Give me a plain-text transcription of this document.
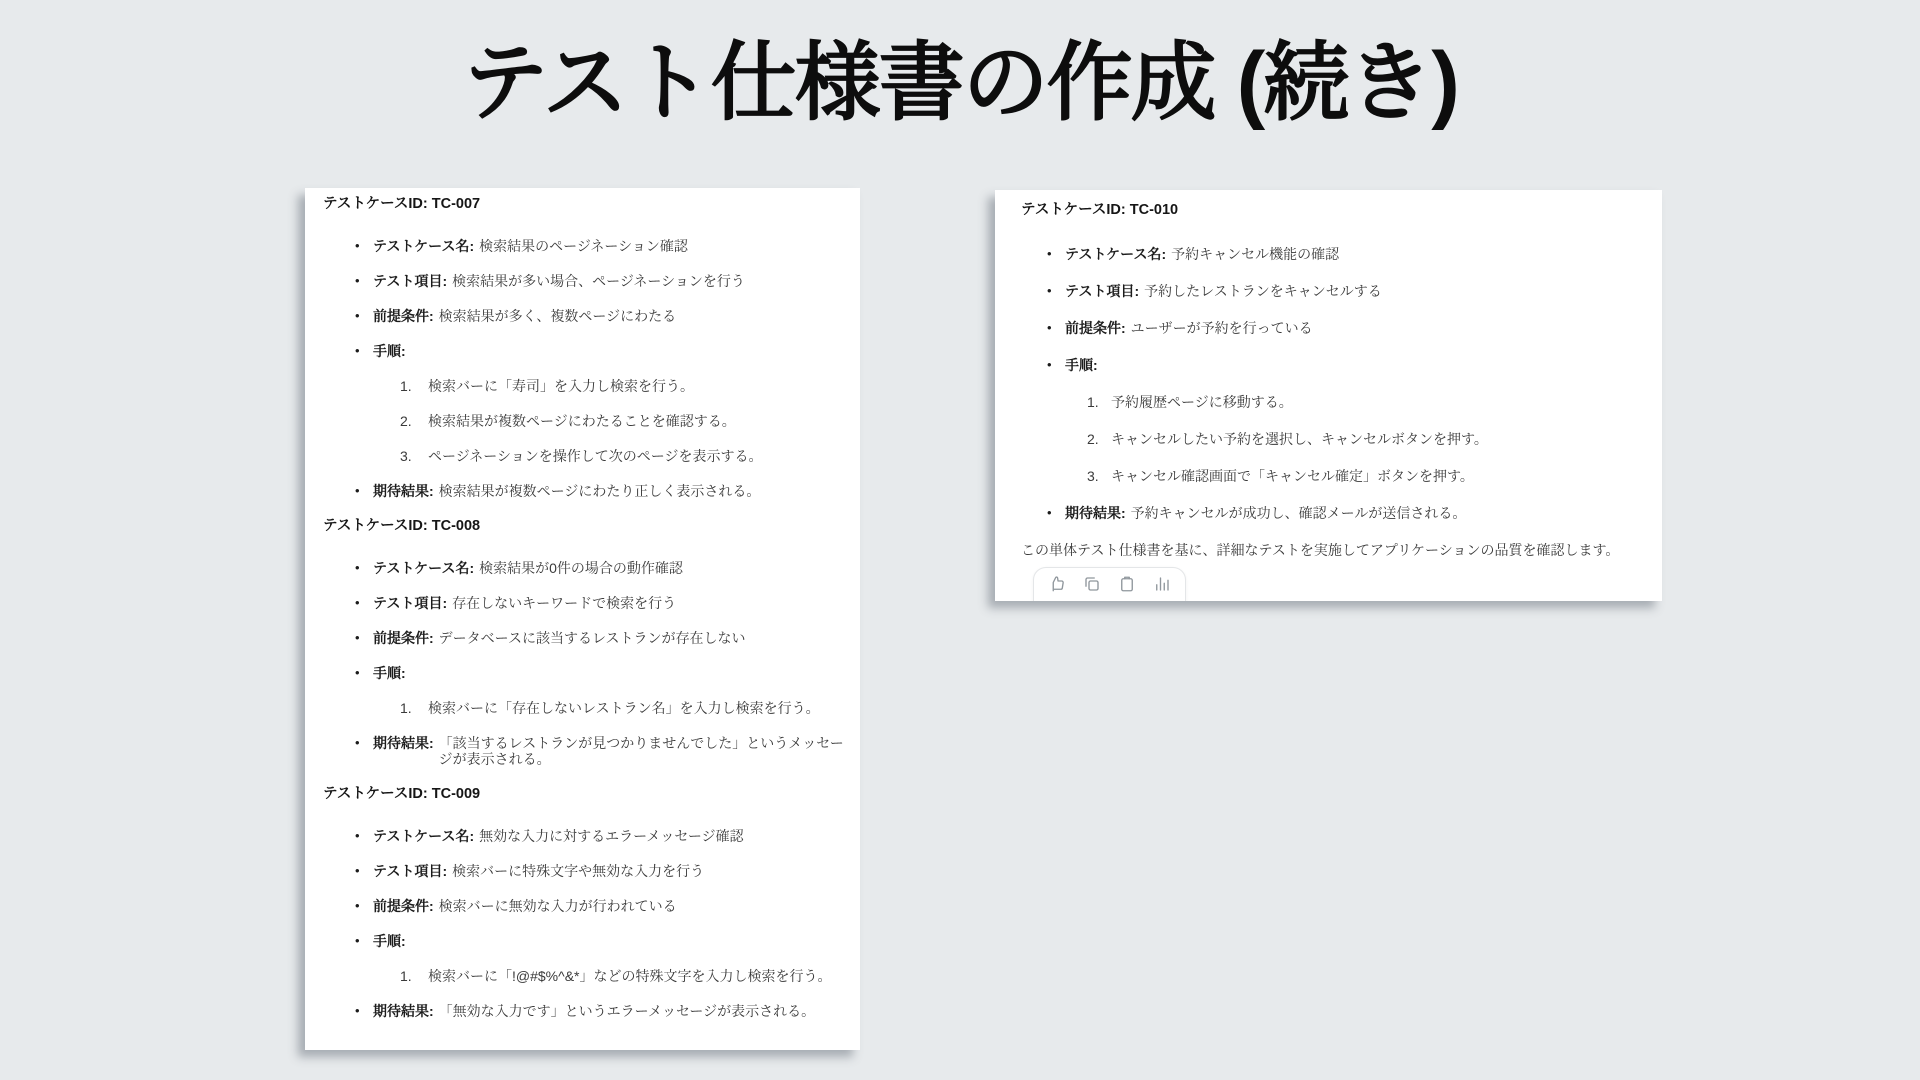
テスト仕様書の作成 (続き)
テストケースID: TC-007
• テストケース名: 検索結果のページネーション確認
• テスト項目: 検索結果が多い場合、ページネーションを行う
• 前提条件: 検索結果が多く、複数ページにわたる
• 手順:
1.	検索バーに「寿司」を入力し検索を行う。
2.	検索結果が複数ページにわたることを確認する。
3.	ページネーションを操作して次のページを表示する。
• 期待結果: 検索結果が複数ページにわたり正しく表示される。
テストケースID: TC-008
• テストケース名: 検索結果が0件の場合の動作確認
• テスト項目: 存在しないキーワードで検索を行う
• 前提条件: データベースに該当するレストランが存在しない
• 手順:
1.	検索バーに「存在しないレストラン名」を入力し検索を行う。
• 期待結果: 「該当するレストランが見つかりませんでした」というメッセージが表示される。
テストケースID: TC-009
• テストケース名: 無効な入力に対するエラーメッセージ確認
• テスト項目: 検索バーに特殊文字や無効な入力を行う
• 前提条件: 検索バーに無効な入力が行われている
• 手順:
1.	検索バーに「!@#$%^&*」などの特殊文字を入力し検索を行う。
• 期待結果: 「無効な入力です」というエラーメッセージが表示される。
テストケースID: TC-010
• テストケース名: 予約キャンセル機能の確認
• テスト項目: 予約したレストランをキャンセルする
• 前提条件: ユーザーが予約を行っている
• 手順:
1. 予約履歴ページに移動する。
2. キャンセルしたい予約を選択し、キャンセルボタンを押す。
3. キャンセル確認画面で「キャンセル確定」ボタンを押す。
• 期待結果: 予約キャンセルが成功し、確認メールが送信される。

この単体テスト仕様書を基に、詳細なテストを実施してアプリケーションの品質を確認します。
